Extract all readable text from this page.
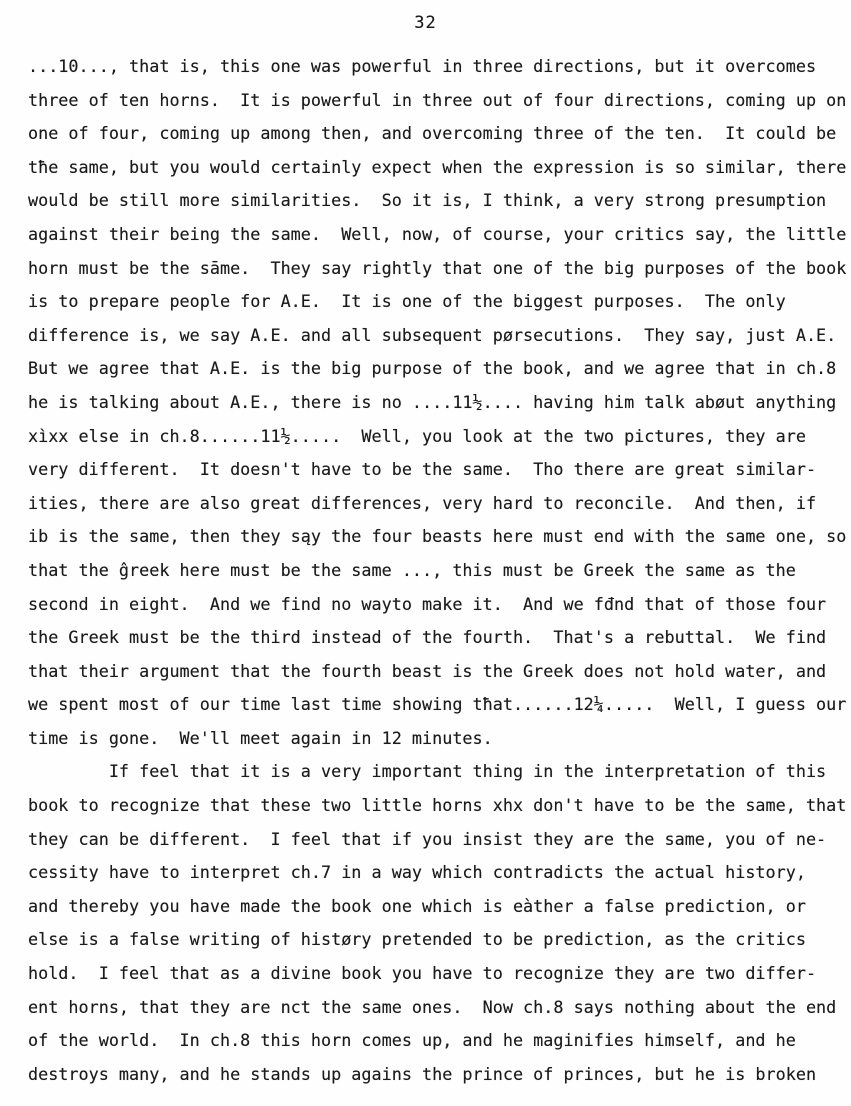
32
...10..., that is, this one was powerful in three directions, but it overcomes
three of ten horns.  It is powerful in three out of four directions, coming up on
one of four, coming up among then, and overcoming three of the ten.  It could be
tħe same, but you would certainly expect when the expression is so similar, there
would be still more similarities.  So it is, I think, a very strong presumption
against their being the same.  Well, now, of course, your critics say, the little
horn must be the sāme.  They say rightly that one of the big purposes of the book
is to prepare people for A.E.  It is one of the biggest purposes.  The only
difference is, we say A.E. and all subsequent pørsecutions.  They say, just A.E.
But we agree that A.E. is the big purpose of the book, and we agree that in ch.8
he is talking about A.E., there is no ....11½.... having him talk abøut anything
xìxx else in ch.8......11½.....  Well, you look at the two pictures, they are
very different.  It doesn't have to be the same.  Tho there are great similar-
ities, there are also great differences, very hard to reconcile.  And then, if
ib is the same, then they sąy the four beasts here must end with the same one, so
that the ĝreek here must be the same ..., this must be Greek the same as the
second in eight.  And we find no wayto make it.  And we fđnd that of those four
the Greek must be the third instead of the fourth.  That's a rebuttal.  We find
that their argument that the fourth beast is the Greek does not hold water, and
we spent most of our time last time showing tħat......12¼.....  Well, I guess our
time is gone.  We'll meet again in 12 minutes.
If feel that it is a very important thing in the interpretation of this
book to recognize that these two little horns xhx don't have to be the same, that
they can be different.  I feel that if you insist they are the same, you of ne-
cessity have to interpret ch.7 in a way which contradicts the actual history,
and thereby you have made the book one which is eàther a false prediction, or
else is a false writing of histøry pretended to be prediction, as the critics
hold.  I feel that as a divine book you have to recognize they are two differ-
ent horns, that they are nct the same ones.  Now ch.8 says nothing about the end
of the world.  In ch.8 this horn comes up, and he maginifies himself, and he
destroys many, and he stands up agains the prince of princes, but he is broken
